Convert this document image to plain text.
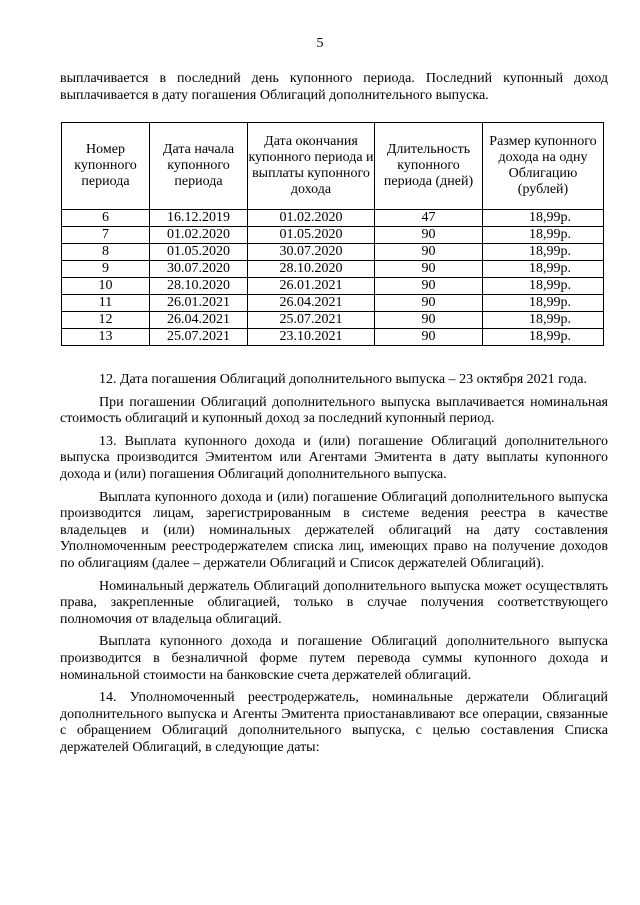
5

выплачивается в последний день купонного периода. Последний купонный доход выплачивается в дату погашения Облигаций дополнительного выпуска.

Номер купонного периода	Дата начала купонного периода	Дата окончания купонного периода и выплаты купонного дохода	Длительность купонного периода (дней)	Размер купонного дохода на одну Облигацию (рублей)
6	16.12.2019	01.02.2020	47	18,99р.
7	01.02.2020	01.05.2020	90	18,99р.
8	01.05.2020	30.07.2020	90	18,99р.
9	30.07.2020	28.10.2020	90	18,99р.
10	28.10.2020	26.01.2021	90	18,99р.
11	26.01.2021	26.04.2021	90	18,99р.
12	26.04.2021	25.07.2021	90	18,99р.
13	25.07.2021	23.10.2021	90	18,99р.

12. Дата погашения Облигаций дополнительного выпуска – 23 октября 2021 года.

При погашении Облигаций дополнительного выпуска выплачивается номинальная стоимость облигаций и купонный доход за последний купонный период.

13. Выплата купонного дохода и (или) погашение Облигаций дополнительного выпуска производится Эмитентом или Агентами Эмитента в дату выплаты купонного дохода и (или) погашения Облигаций дополнительного выпуска.

Выплата купонного дохода и (или) погашение Облигаций дополнительного выпуска производится лицам, зарегистрированным в системе ведения реестра в качестве владельцев и (или) номинальных держателей облигаций на дату составления Уполномоченным реестродержателем списка лиц, имеющих право на получение доходов по облигациям (далее – держатели Облигаций и Список держателей Облигаций).

Номинальный держатель Облигаций дополнительного выпуска может осуществлять права, закрепленные облигацией, только в случае получения соответствующего полномочия от владельца облигаций.

Выплата купонного дохода и погашение Облигаций дополнительного выпуска производится в безналичной форме путем перевода суммы купонного дохода и номинальной стоимости на банковские счета держателей облигаций.

14. Уполномоченный реестродержатель, номинальные держатели Облигаций дополнительного выпуска и Агенты Эмитента приостанавливают все операции, связанные с обращением Облигаций дополнительного выпуска, с целью составления Списка держателей Облигаций, в следующие даты:
